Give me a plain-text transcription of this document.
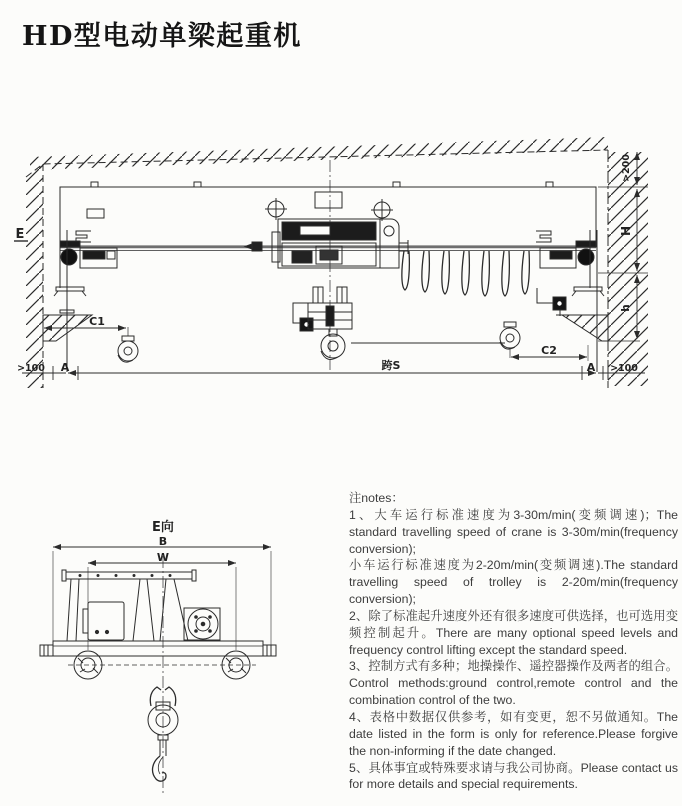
HD型电动单梁起重机
E
C1
C2
跨S
A	A
>100	>100
>200
H
h
E向
B
W

注notes：

1、大车运行标准速度为3-30m/min(变频调速)；The standard travelling speed of crane is 3-30m/min(frequency conversion);

小车运行标准速度为2-20m/min(变频调速).The standard travelling speed of trolley is 2-20m/min(frequency conversion);

2、除了标准起升速度外还有很多速度可供选择，也可选用变频控制起升。There are many optional speed levels and frequency control lifting except the standard speed.

3、控制方式有多种；地操操作、遥控器操作及两者的组合。Control methods:ground control,remote control and the combination control of the two.

4、表格中数据仅供参考，如有变更，恕不另做通知。The date listed in the form is only for reference.Please forgive the non-informing if the date changed.

5、具体事宜或特殊要求请与我公司协商。Please contact us for more details and special requirements.
